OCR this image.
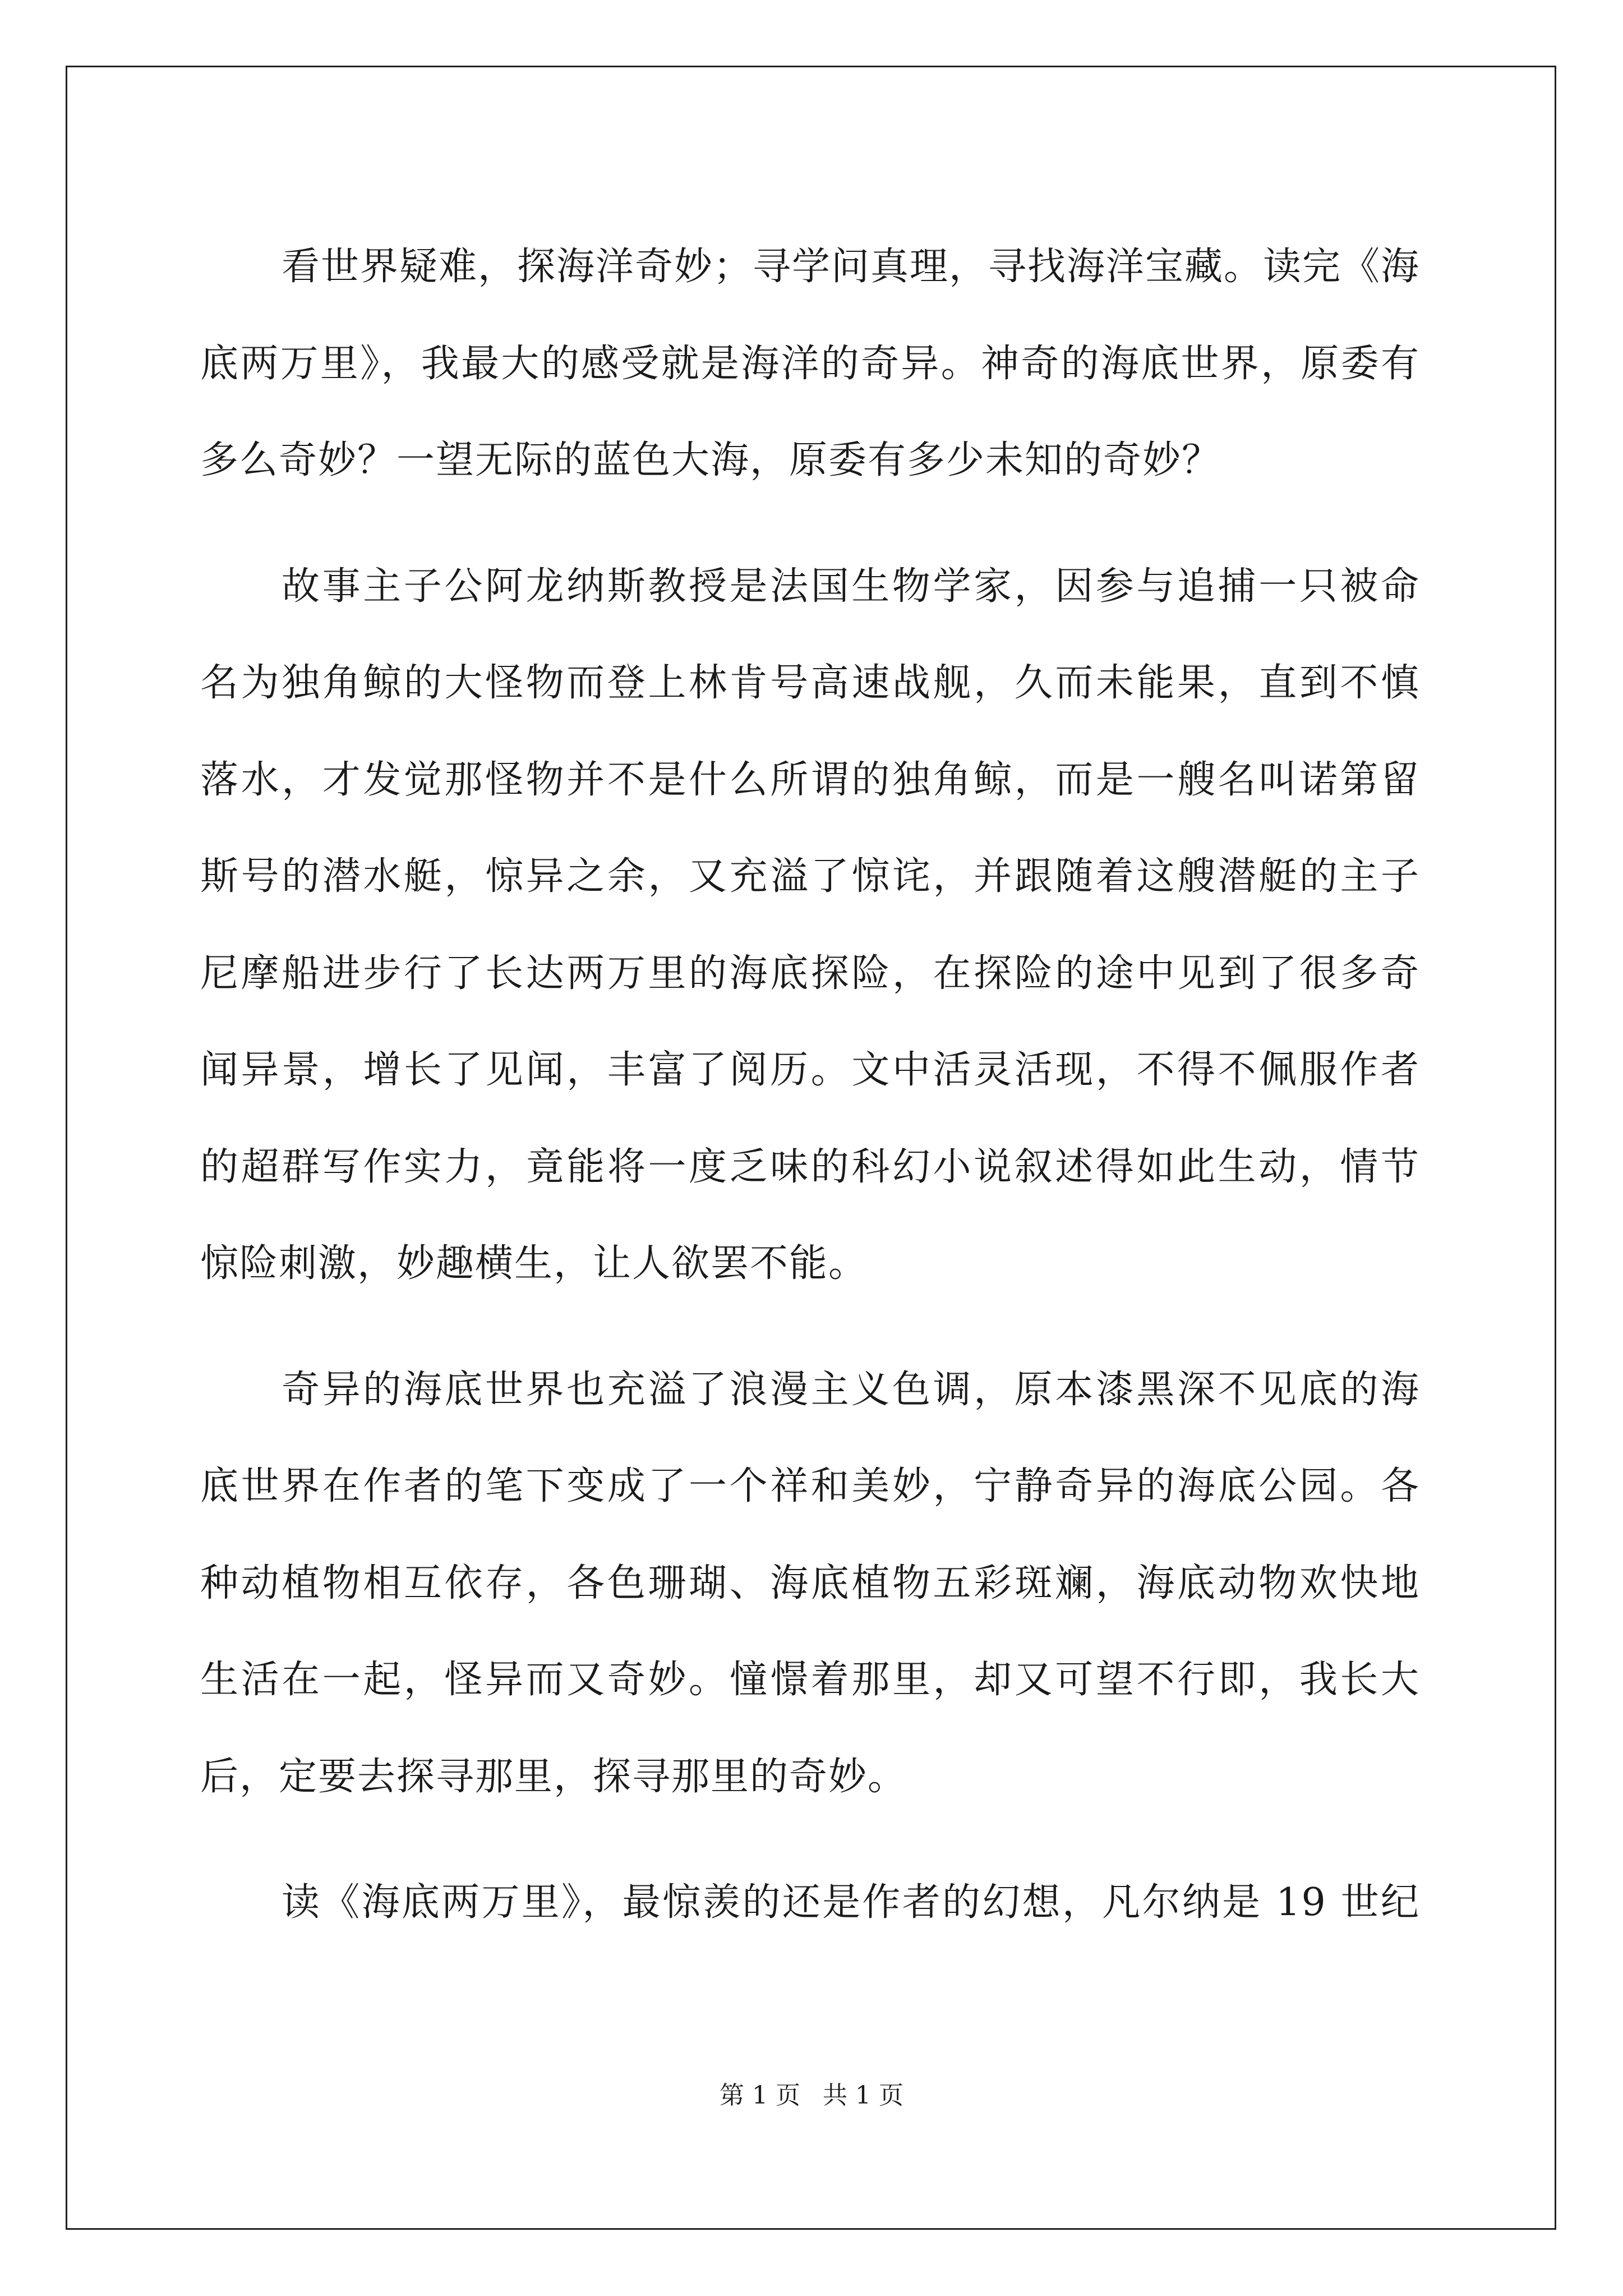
看世界疑难，探海洋奇妙；寻学问真理，寻找海洋宝藏。读完《海
底两万里》，我最大的感受就是海洋的奇异。神奇的海底世界，原委有
多么奇妙？一望无际的蓝色大海，原委有多少未知的奇妙？
故事主子公阿龙纳斯教授是法国生物学家，因参与追捕一只被命
名为独角鲸的大怪物而登上林肯号高速战舰，久而未能果，直到不慎
落水，才发觉那怪物并不是什么所谓的独角鲸，而是一艘名叫诺第留
斯号的潜水艇，惊异之余，又充溢了惊诧，并跟随着这艘潜艇的主子
尼摩船进步行了长达两万里的海底探险，在探险的途中见到了很多奇
闻异景，增长了见闻，丰富了阅历。文中活灵活现，不得不佩服作者
的超群写作实力，竟能将一度乏味的科幻小说叙述得如此生动，情节
惊险刺激，妙趣横生，让人欲罢不能。
奇异的海底世界也充溢了浪漫主义色调，原本漆黑深不见底的海
底世界在作者的笔下变成了一个祥和美妙，宁静奇异的海底公园。各
种动植物相互依存，各色珊瑚、海底植物五彩斑斓，海底动物欢快地
生活在一起，怪异而又奇妙。憧憬着那里，却又可望不行即，我长大
后，定要去探寻那里，探寻那里的奇妙。
读《海底两万里》，最惊羡的还是作者的幻想，凡尔纳是 19 世纪
第 1 页 共 1 页
